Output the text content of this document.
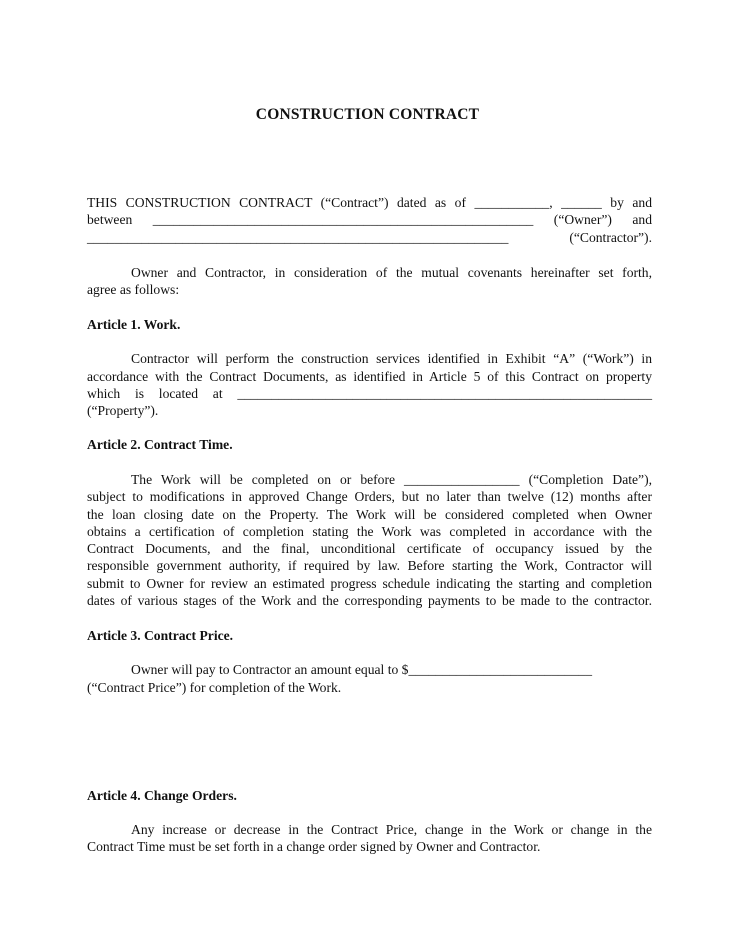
CONSTRUCTION CONTRACT
THIS CONSTRUCTION CONTRACT (“Contract”) dated as of ___________, ______ by and
between ________________________________________________________ (“Owner”) and
______________________________________________________________ (“Contractor”).
Owner and Contractor, in consideration of the mutual covenants hereinafter set forth,
agree as follows:
Article 1. Work.
Contractor will perform the construction services identified in Exhibit “A” (“Work”) in
accordance with the Contract Documents, as identified in Article 5 of this Contract on property
which is located at _____________________________________________________________
(“Property”).
Article 2. Contract Time.
The Work will be completed on or before _________________ (“Completion Date”),
subject to modifications in approved Change Orders, but no later than twelve (12) months after
the loan closing date on the Property. The Work will be considered completed when Owner
obtains a certification of completion stating the Work was completed in accordance with the
Contract Documents, and the final, unconditional certificate of occupancy issued by the
responsible government authority, if required by law. Before starting the Work, Contractor will
submit to Owner for review an estimated progress schedule indicating the starting and completion
dates of various stages of the Work and the corresponding payments to be made to the contractor.
Article 3. Contract Price.
Owner will pay to Contractor an amount equal to $___________________________
(“Contract Price”) for completion of the Work.
Article 4. Change Orders.
Any increase or decrease in the Contract Price, change in the Work or change in the
Contract Time must be set forth in a change order signed by Owner and Contractor.
